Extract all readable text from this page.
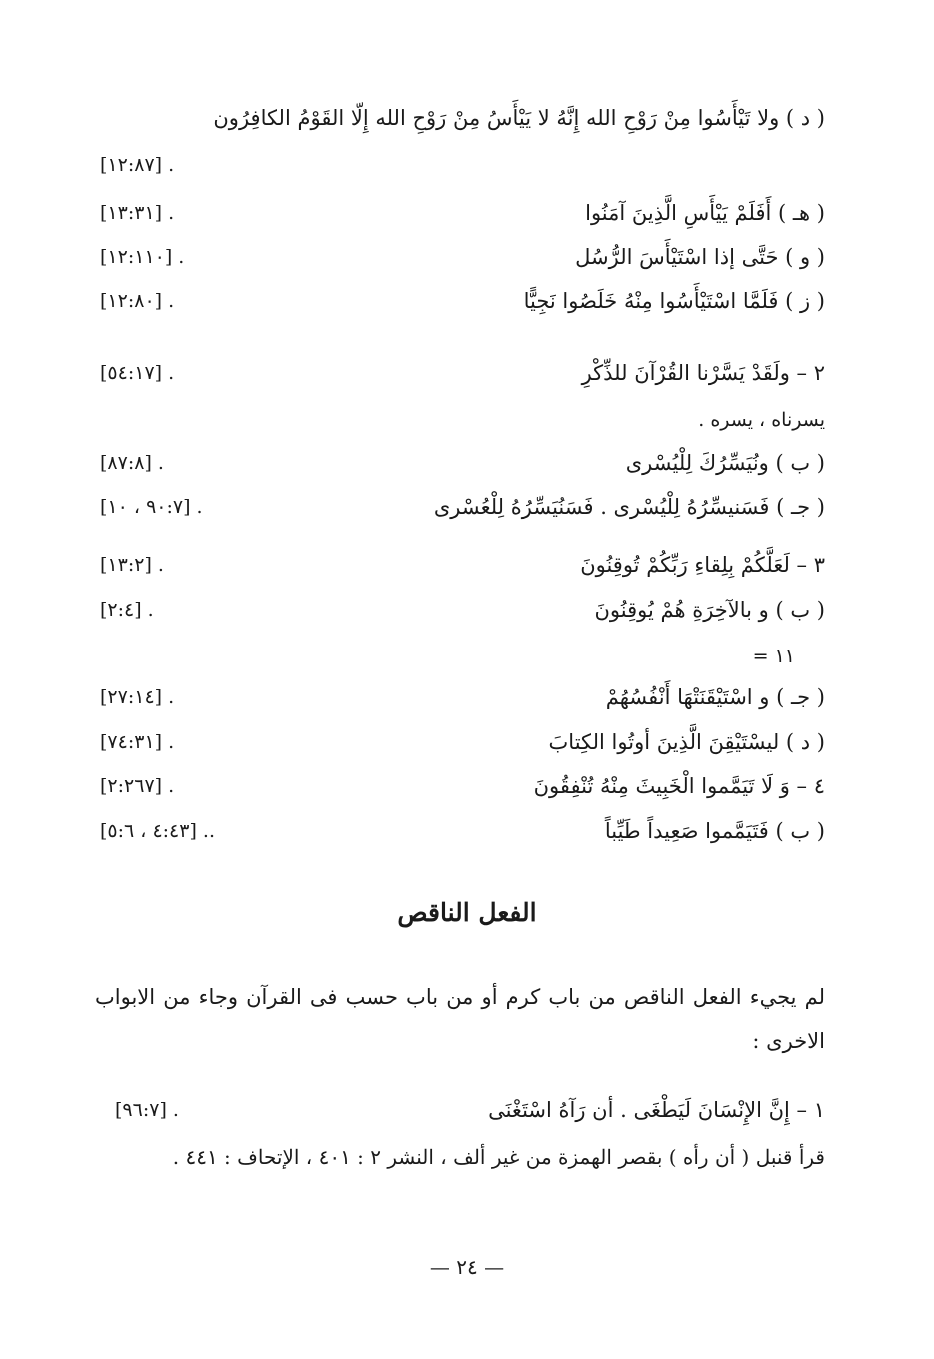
( د ) ولا تَيْأَسُوا مِنْ رَوْحِ الله إِنَّهُ لا يَيْأَسُ مِنْ رَوْحِ الله إِلّا القَوْمُ الكافِرُون
[١٢:٨٧] .
( هـ ) أَفَلَمْ يَيْأَسِ الَّذِينَ آمَنُوا
[١٣:٣١] .
( و ) حَتَّى إذا اسْتَيْأَسَ الرُّسُل
[١٢:١١٠] .
( ز ) فَلَمَّا اسْتَيْأَسُوا مِنْهُ خَلَصُوا نَجِيًّا
[١٢:٨٠] .
٢ – ولَقَدْ يَسَّرْنا القُرْآنَ للذِّكْرِ
[٥٤:١٧] .
يسرناه ، يسره .
( ب ) ونُيَسِّرُكَ لِلْيُسْرى
[٨٧:٨] .
( جـ ) فَسَنيسِّرُهُ لِلْيُسْرى . فَسَنُيَسِّرُهُ لِلْعُسْرى
[٩٠:٧ ، ١٠] .
٣ – لَعَلَّكُمْ بِلِقاءِ رَبِّكُمْ تُوقِنُونَ
[١٣:٢] .
( ب ) و بالآخِرَةِ هُمْ يُوقِنُونَ
[٢:٤] .
= ١١
( جـ ) و اسْتَيْقَنَتْهَا أَنْفُسُهُمْ
[٢٧:١٤] .
( د ) ليسْتَيْقِنَ الَّذِينَ أوتُوا الكِتابَ
[٧٤:٣١] .
٤ – وَ لَا تَيَمَّموا الْخَبِيثَ مِنْهُ تُنْفِقُونَ
[٢:٢٦٧] .
( ب ) فَتَيَمَّموا صَعِيداً طَيِّباً
[٤:٤٣ ، ٥:٦] ..
الفعل الناقص
لم يجيء الفعل الناقص من باب كرم أو من باب حسب فى القرآن وجاء من الابواب الاخرى :
١ – إِنَّ الإِنْسَانَ لَيَطْغَى . أن رَآهُ اسْتَغْنَى
[٩٦:٧] .
قرأ قنبل ( أن رأه ) بقصر الهمزة من غير ألف ، النشر ٢ : ٤٠١ ، الإتحاف : ٤٤١ .
— ٢٤ —
